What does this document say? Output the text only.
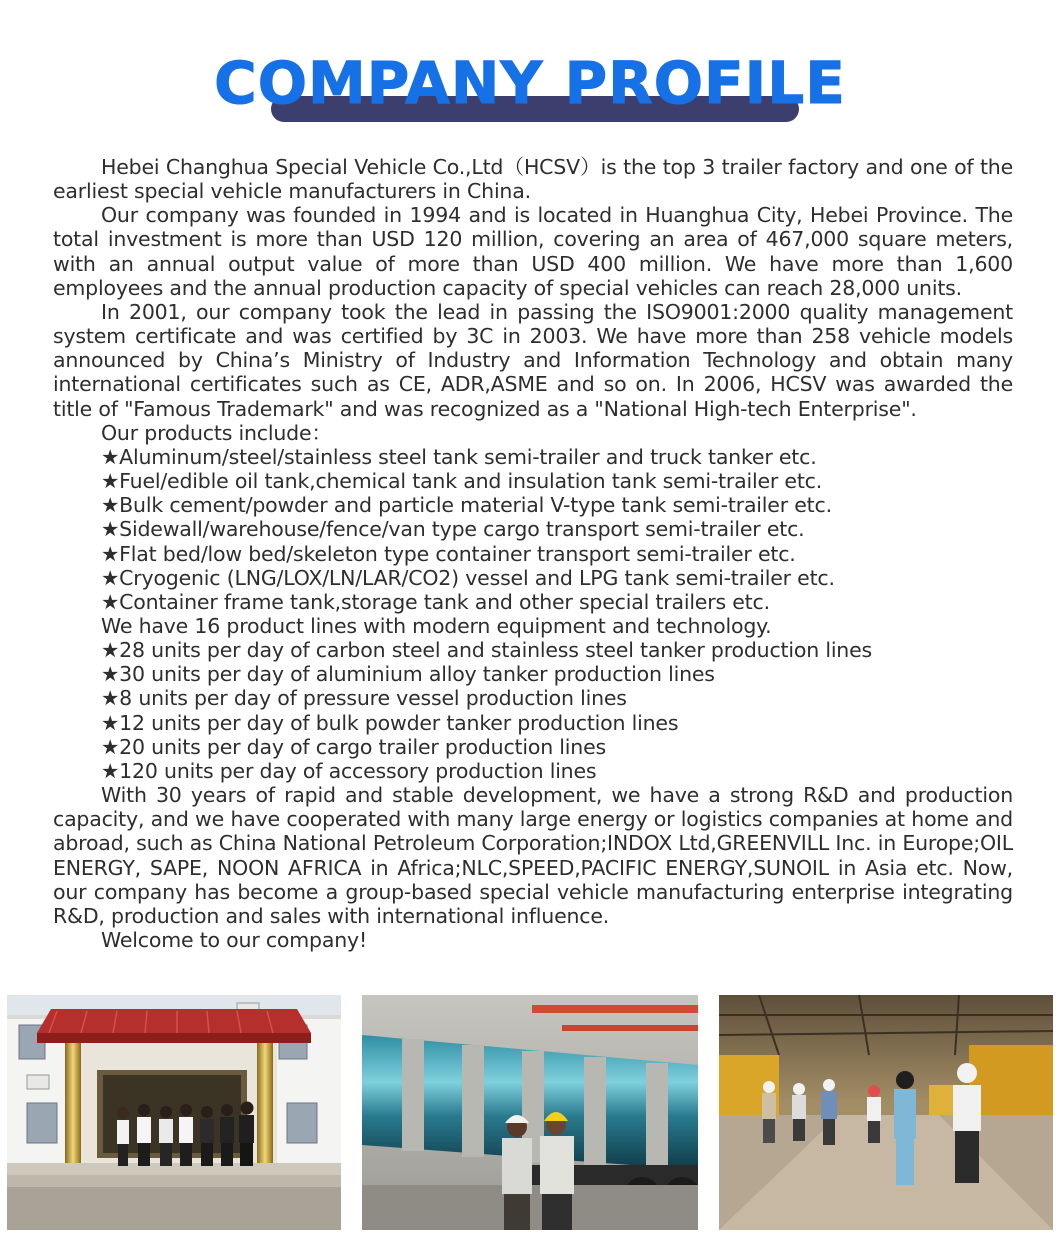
COMPANY PROFILE

Hebei Changhua Special Vehicle Co.,Ltd（HCSV）is the top 3 trailer factory and one of the earliest special vehicle manufacturers in China.

Our company was founded in 1994 and is located in Huanghua City, Hebei Province. The total investment is more than USD 120 million, covering an area of 467,000 square meters, with an annual output value of more than USD 400 million. We have more than 1,600 employees and the annual production capacity of special vehicles can reach 28,000 units.

In 2001, our company took the lead in passing the ISO9001:2000 quality management system certificate and was certified by 3C in 2003. We have more than 258 vehicle models announced by China’s Ministry of Industry and Information Technology and obtain many international certificates such as CE, ADR,ASME and so on. In 2006, HCSV was awarded the title of "Famous Trademark" and was recognized as a "National High-tech Enterprise".

Our products include：

★Aluminum/steel/stainless steel tank semi-trailer and truck tanker etc.

★Fuel/edible oil tank,chemical tank and insulation tank semi-trailer etc.

★Bulk cement/powder and particle material V-type tank semi-trailer etc.

★Sidewall/warehouse/fence/van type cargo transport semi-trailer etc.

★Flat bed/low bed/skeleton type container transport semi-trailer etc.

★Cryogenic (LNG/LOX/LN/LAR/CO2) vessel and LPG tank semi-trailer etc.

★Container frame tank,storage tank and other special trailers etc.

We have 16 product lines with modern equipment and technology.

★28 units per day of carbon steel and stainless steel tanker production lines

★30 units per day of aluminium alloy tanker production lines

★8 units per day of pressure vessel production lines

★12 units per day of bulk powder tanker production lines

★20 units per day of cargo trailer production lines

★120 units per day of accessory production lines

With 30 years of rapid and stable development, we have a strong R&D and production capacity, and we have cooperated with many large energy or logistics companies at home and abroad, such as China National Petroleum Corporation;INDOX Ltd,GREENVILL Inc. in Europe;OIL ENERGY, SAPE, NOON AFRICA in Africa;NLC,SPEED,PACIFIC ENERGY,SUNOIL in Asia etc. Now, our company has become a group-based special vehicle manufacturing enterprise integrating R&D, production and sales with international influence.

Welcome to our company!
